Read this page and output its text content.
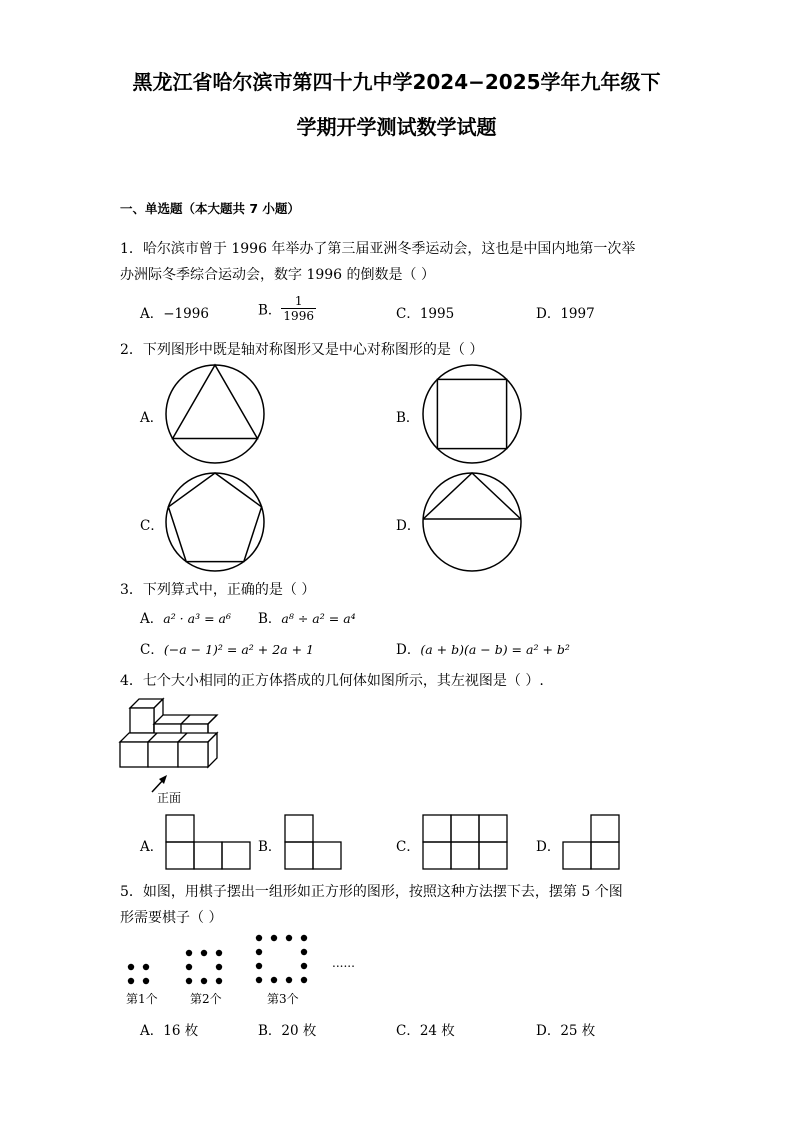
黑龙江省哈尔滨市第四十九中学2024−2025学年九年级下
学期开学测试数学试题
一、单选题（本大题共 7 小题）
1．哈尔滨市曾于 1996 年举办了第三届亚洲冬季运动会，这也是中国内地第一次举
办洲际冬季综合运动会，数字 1996 的倒数是（ ）
A．−1996	B． $\frac{1}{1996}$	C．1995	D．1997
2．下列图形中既是轴对称图形又是中心对称图形的是（ ）
A．	B．
C．	D．
3．下列算式中，正确的是（ ）
A．a² · a³ = a⁶ B．a⁸ ÷ a² = a⁴
C．(−a − 1)² = a² + 2a + 1	D．(a + b)(a − b) = a² + b²
4．七个大小相同的正方体搭成的几何体如图所示，其左视图是（ ）.
正面
A．	B．	C．	D．
5．如图，用棋子摆出一组形如正方形的图形，按照这种方法摆下去，摆第 5 个图
形需要棋子（ ）
......
第1个	第2个	第3个
A．16 枚	B．20 枚	C．24 枚	D．25 枚
